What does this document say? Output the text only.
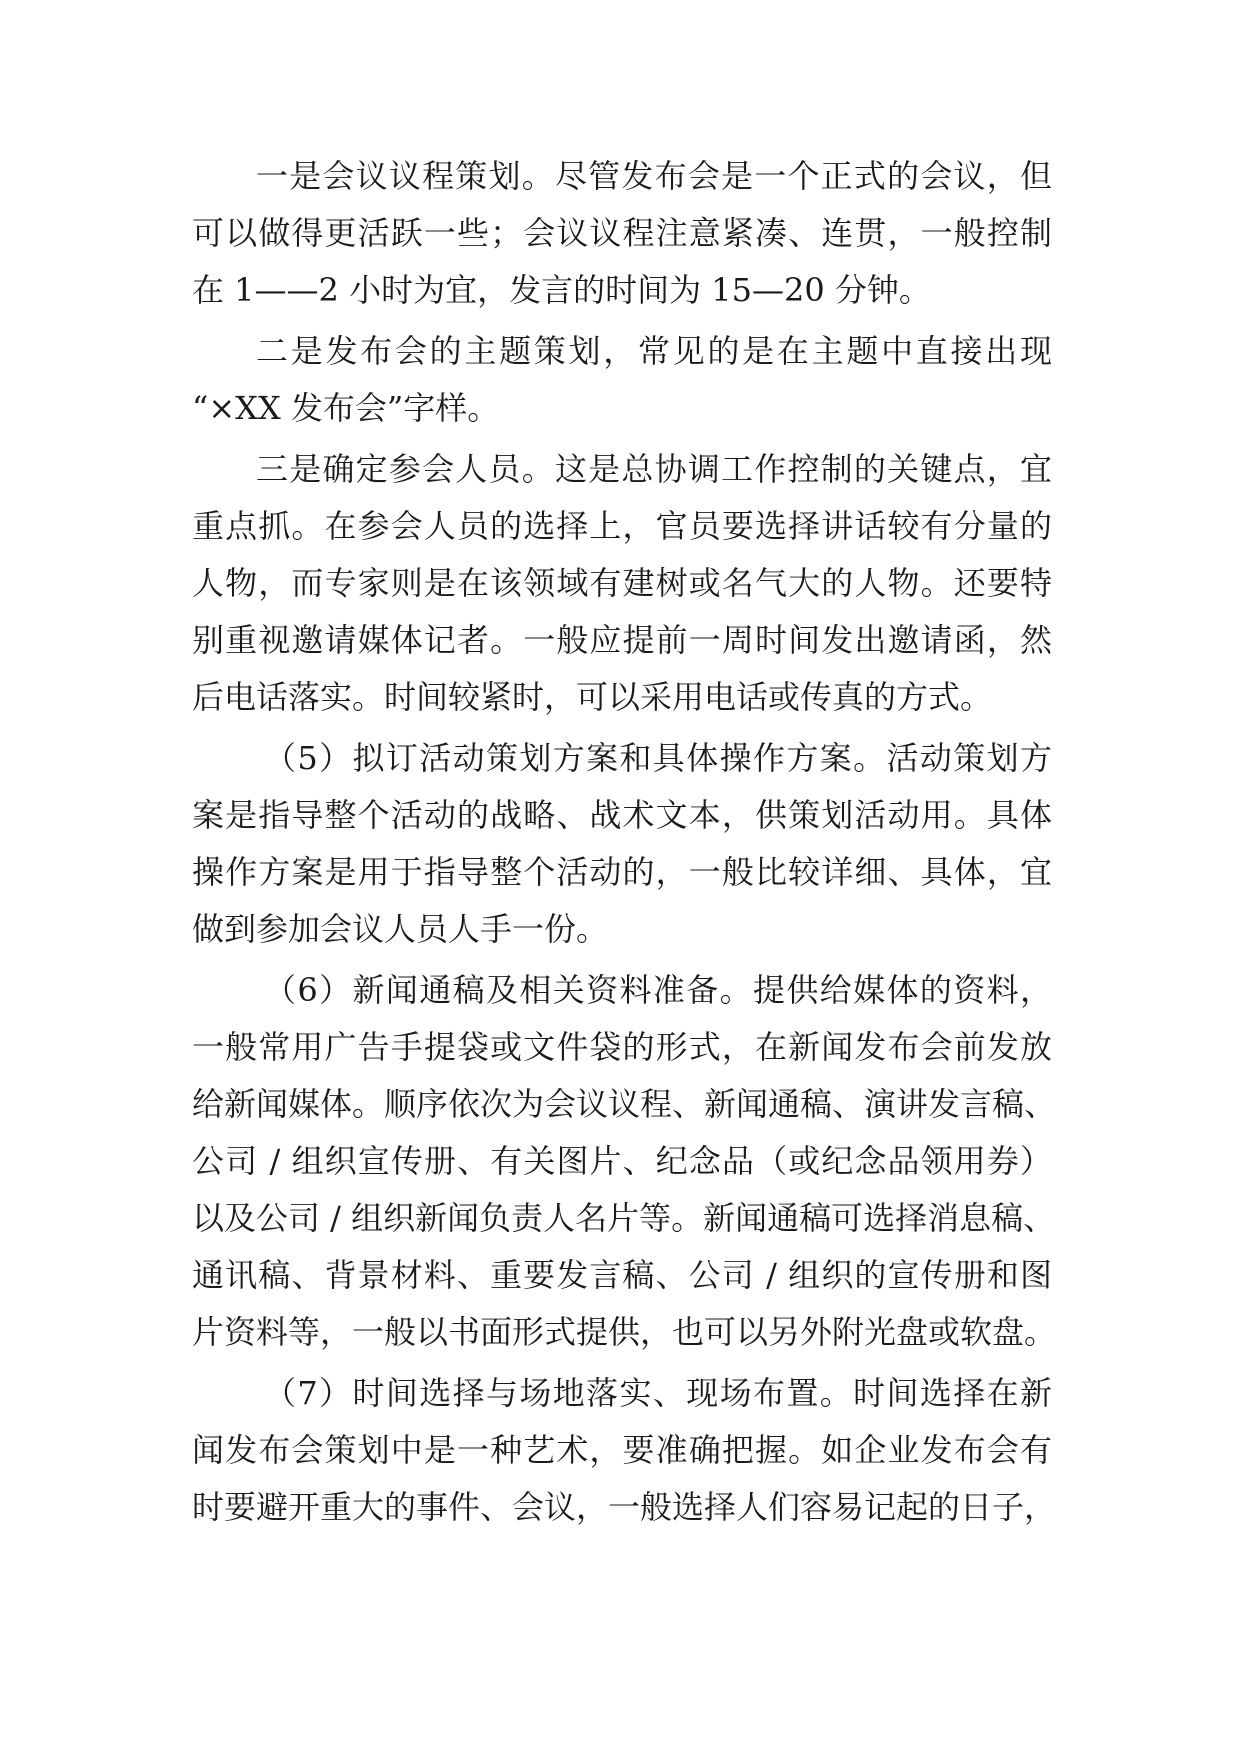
一是会议议程策划。尽管发布会是一个正式的会议，但
可以做得更活跃一些；会议议程注意紧凑、连贯，一般控制
在 1——2 小时为宜，发言的时间为 15—20 分钟。
二是发布会的主题策划，常见的是在主题中直接出现
“×XX 发布会”字样。
三是确定参会人员。这是总协调工作控制的关键点，宜
重点抓。在参会人员的选择上，官员要选择讲话较有分量的
人物，而专家则是在该领域有建树或名气大的人物。还要特
别重视邀请媒体记者。一般应提前一周时间发出邀请函，然
后电话落实。时间较紧时，可以采用电话或传真的方式。
（5）拟订活动策划方案和具体操作方案。活动策划方
案是指导整个活动的战略、战术文本，供策划活动用。具体
操作方案是用于指导整个活动的，一般比较详细、具体，宜
做到参加会议人员人手一份。
（6）新闻通稿及相关资料准备。提供给媒体的资料，
一般常用广告手提袋或文件袋的形式，在新闻发布会前发放
给新闻媒体。顺序依次为会议议程、新闻通稿、演讲发言稿、
公司 / 组织宣传册、有关图片、纪念品（或纪念品领用券）
以及公司 / 组织新闻负责人名片等。新闻通稿可选择消息稿、
通讯稿、背景材料、重要发言稿、公司 / 组织的宣传册和图
片资料等，一般以书面形式提供，也可以另外附光盘或软盘。
（7）时间选择与场地落实、现场布置。时间选择在新
闻发布会策划中是一种艺术，要准确把握。如企业发布会有
时要避开重大的事件、会议，一般选择人们容易记起的日子，
